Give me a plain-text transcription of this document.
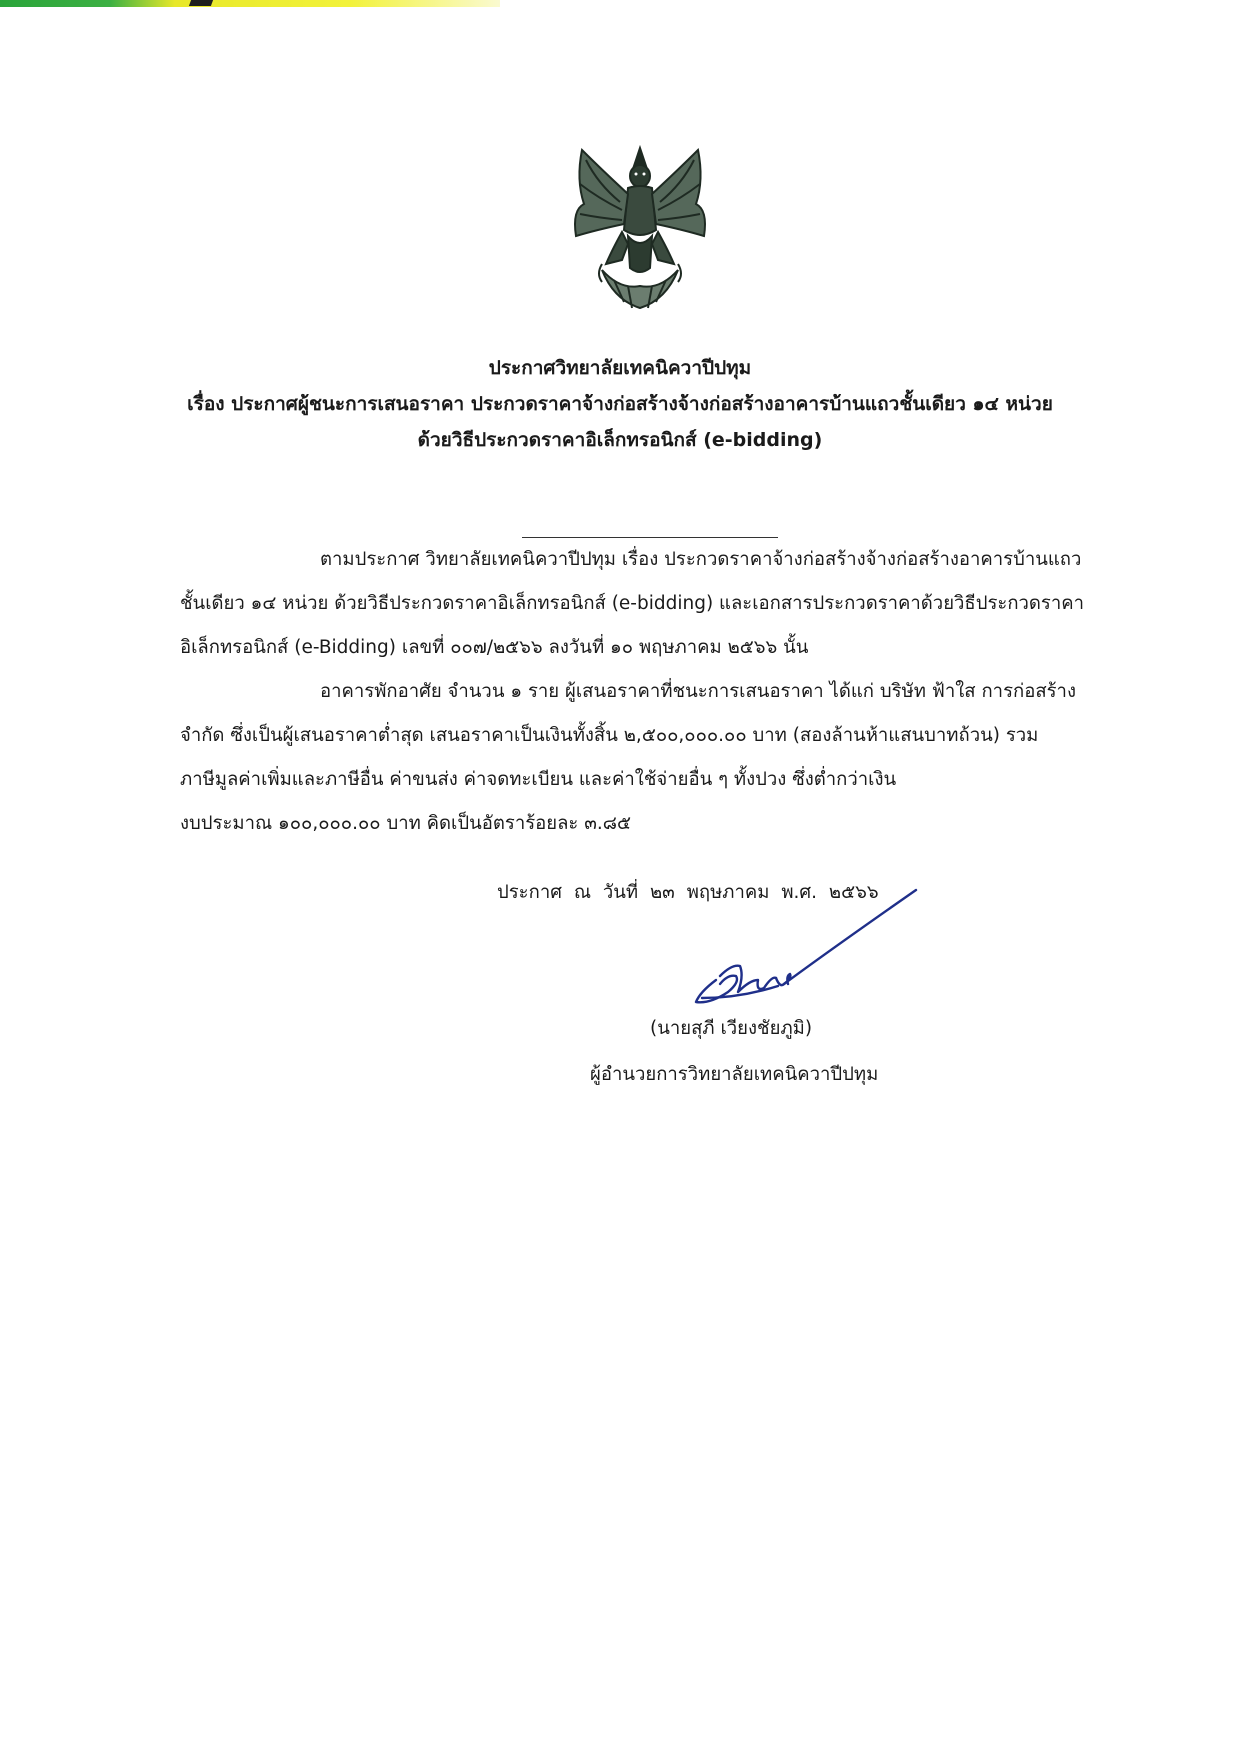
ประกาศวิทยาลัยเทคนิควาปีปทุม
เรื่อง ประกาศผู้ชนะการเสนอราคา ประกวดราคาจ้างก่อสร้างจ้างก่อสร้างอาคารบ้านแถวชั้นเดียว ๑๔ หน่วย
ด้วยวิธีประกวดราคาอิเล็กทรอนิกส์ (e-bidding)
ตามประกาศ วิทยาลัยเทคนิควาปีปทุม เรื่อง ประกวดราคาจ้างก่อสร้างจ้างก่อสร้างอาคารบ้านแถว
ชั้นเดียว ๑๔ หน่วย ด้วยวิธีประกวดราคาอิเล็กทรอนิกส์ (e-bidding) และเอกสารประกวดราคาด้วยวิธีประกวดราคา
อิเล็กทรอนิกส์ (e-Bidding) เลขที่ ๐๐๗/๒๕๖๖ ลงวันที่ ๑๐ พฤษภาคม ๒๕๖๖ นั้น
อาคารพักอาศัย จำนวน ๑ ราย ผู้เสนอราคาที่ชนะการเสนอราคา ได้แก่ บริษัท ฟ้าใส การก่อสร้าง
จำกัด ซึ่งเป็นผู้เสนอราคาต่ำสุด เสนอราคาเป็นเงินทั้งสิ้น ๒,๕๐๐,๐๐๐.๐๐ บาท (สองล้านห้าแสนบาทถ้วน) รวม
ภาษีมูลค่าเพิ่มและภาษีอื่น ค่าขนส่ง ค่าจดทะเบียน และค่าใช้จ่ายอื่น ๆ ทั้งปวง ซึ่งต่ำกว่าเงิน
งบประมาณ ๑๐๐,๐๐๐.๐๐ บาท คิดเป็นอัตราร้อยละ ๓.๘๕
ประกาศ ณ วันที่ ๒๓ พฤษภาคม พ.ศ. ๒๕๖๖
(นายสุภี เวียงชัยภูมิ)
ผู้อำนวยการวิทยาลัยเทคนิควาปีปทุม
